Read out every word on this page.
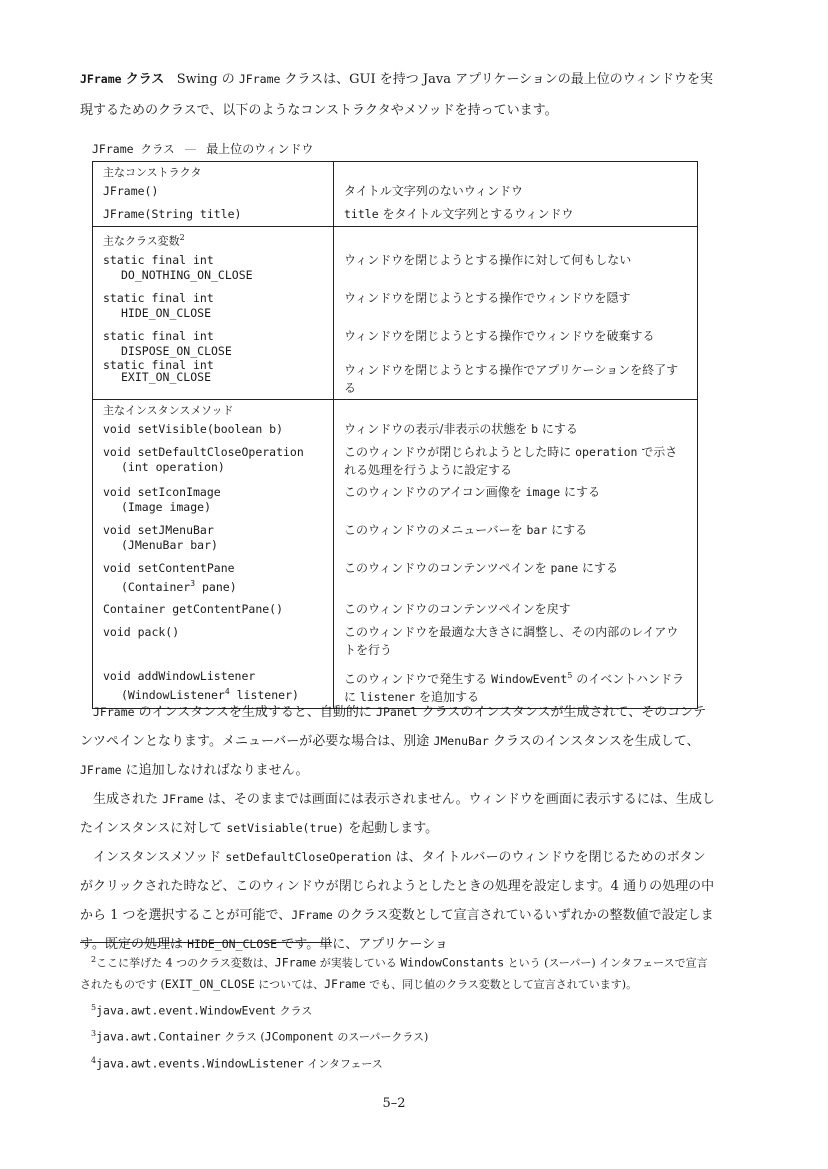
JFrame クラス Swing の JFrame クラスは、GUI を持つ Java アプリケーションの最上位のウィンドウを実現するためのクラスで、以下のようなコンストラクタやメソッドを持っています。

JFrame クラス — 最上位のウィンドウ
主なコンストラクタ	
JFrame()	タイトル文字列のないウィンドウ
JFrame(String title)	title をタイトル文字列とするウィンドウ
主なクラス変数$^2$	
static final int
DO_NOTHING_ON_CLOSE	ウィンドウを閉じようとする操作に対して何もしない
static final int
HIDE_ON_CLOSE	ウィンドウを閉じようとする操作でウィンドウを隠す
static final int
DISPOSE_ON_CLOSE	ウィンドウを閉じようとする操作でウィンドウを破棄する
static final int
EXIT_ON_CLOSE	ウィンドウを閉じようとする操作でアプリケーションを終了する
主なインスタンスメソッド	
void setVisible(boolean b)	ウィンドウの表示/非表示の状態を b にする
void setDefaultCloseOperation
(int operation)	このウィンドウが閉じられようとした時に operation で示される処理を行うように設定する
void setIconImage
(Image image)	このウィンドウのアイコン画像を image にする
void setJMenuBar
(JMenuBar bar)	このウィンドウのメニューバーを bar にする
void setContentPane
(Container$^3$ pane)	このウィンドウのコンテンツペインを pane にする
Container getContentPane()	このウィンドウのコンテンツペインを戻す
void pack()	このウィンドウを最適な大きさに調整し、その内部のレイアウトを行う
void addWindowListener
(WindowListener$^4$ listener)	このウィンドウで発生する WindowEvent$^5$ のイベントハンドラに listener を追加する

JFrame のインスタンスを生成すると、自動的に JPanel クラスのインスタンスが生成されて、そのコンテンツペインとなります。メニューバーが必要な場合は、別途 JMenuBar クラスのインスタンスを生成して、JFrame に追加しなければなりません。

生成された JFrame は、そのままでは画面には表示されません。ウィンドウを画面に表示するには、生成したインスタンスに対して setVisiable(true) を起動します。

インスタンスメソッド setDefaultCloseOperation は、タイトルバーのウィンドウを閉じるためのボタンがクリックされた時など、このウィンドウが閉じられようとしたときの処理を設定します。4 通りの処理の中から 1 つを選択することが可能で、JFrame のクラス変数として宣言されているいずれかの整数値で設定します。既定の処理は HIDE_ON_CLOSE です。単に、アプリケーショ

$^2$ここに挙げた 4 つのクラス変数は、JFrame が実装している WindowConstants という (スーパー) インタフェースで宣言されたものです (EXIT_ON_CLOSE については、JFrame でも、同じ値のクラス変数として宣言されています)。

$^5$java.awt.event.WindowEvent クラス

$^3$java.awt.Container クラス (JComponent のスーパークラス)

$^4$java.awt.events.WindowListener インタフェース

5–2
